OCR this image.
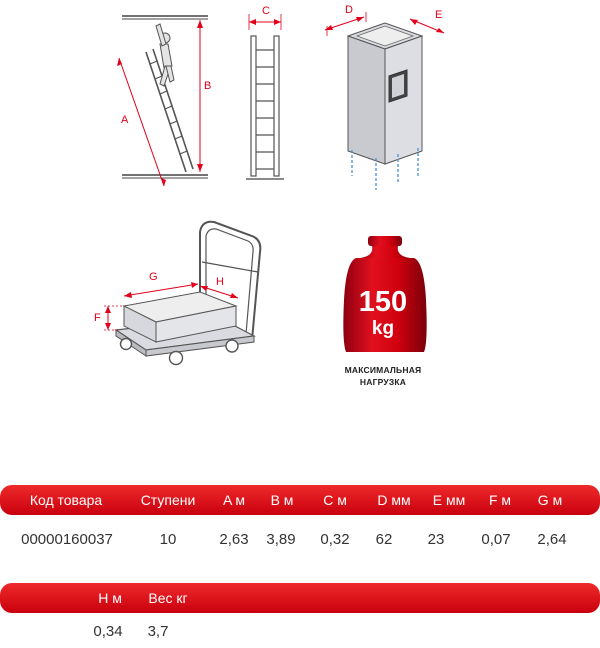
A
B
C	D	E
F
G	H
150
kg
МАКСИМАЛЬНАЯ
НАГРУЗКА
Код товара	Ступени	A м	B м	C м	D мм	E мм	F м	G м
00000160037	10	2,63	3,89	0,32	62	23	0,07	2,64
H м	Вес кг
0,34	3,7
